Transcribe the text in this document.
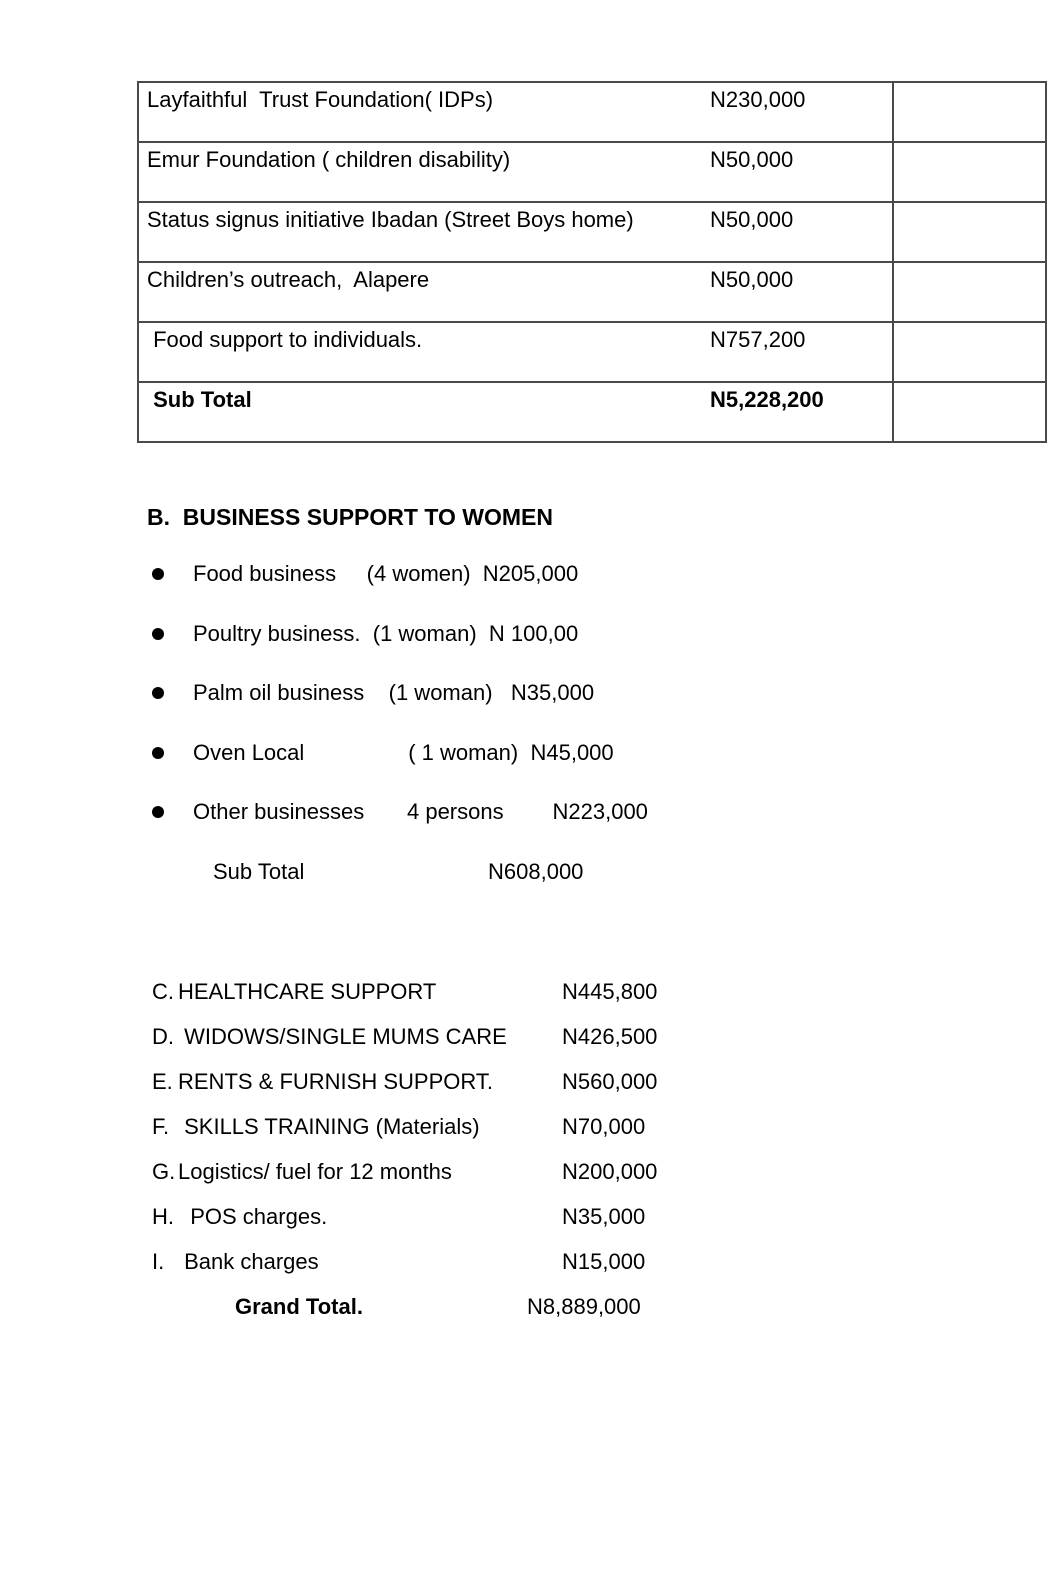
Layfaithful  Trust Foundation( IDPs) N230,000	

Emur Foundation ( children disability) N50,000	

Status signus initiative Ibadan (Street Boys home) N50,000	

Children’s outreach,  Alapere N50,000	

Food support to individuals. N757,200	

Sub Total N5,228,200	

B.  BUSINESS SUPPORT TO WOMEN
Food business     (4 women) N205,000
Poultry business.  (1 woman) N 100,00
Palm oil business    (1 woman) N35,000
Oven Local                 ( 1 woman) N45,000
Other businesses       4 persons N223,000
Sub Total	N608,000
C. HEALTHCARE SUPPORT	N445,800
D. WIDOWS/SINGLE MUMS CARE	N426,500
E. RENTS & FURNISH SUPPORT.	N560,000
F. SKILLS TRAINING (Materials)	N70,000
G. Logistics/ fuel for 12 months	N200,000
H. POS charges.	N35,000
I. Bank charges	N15,000
Grand Total.	N8,889,000
